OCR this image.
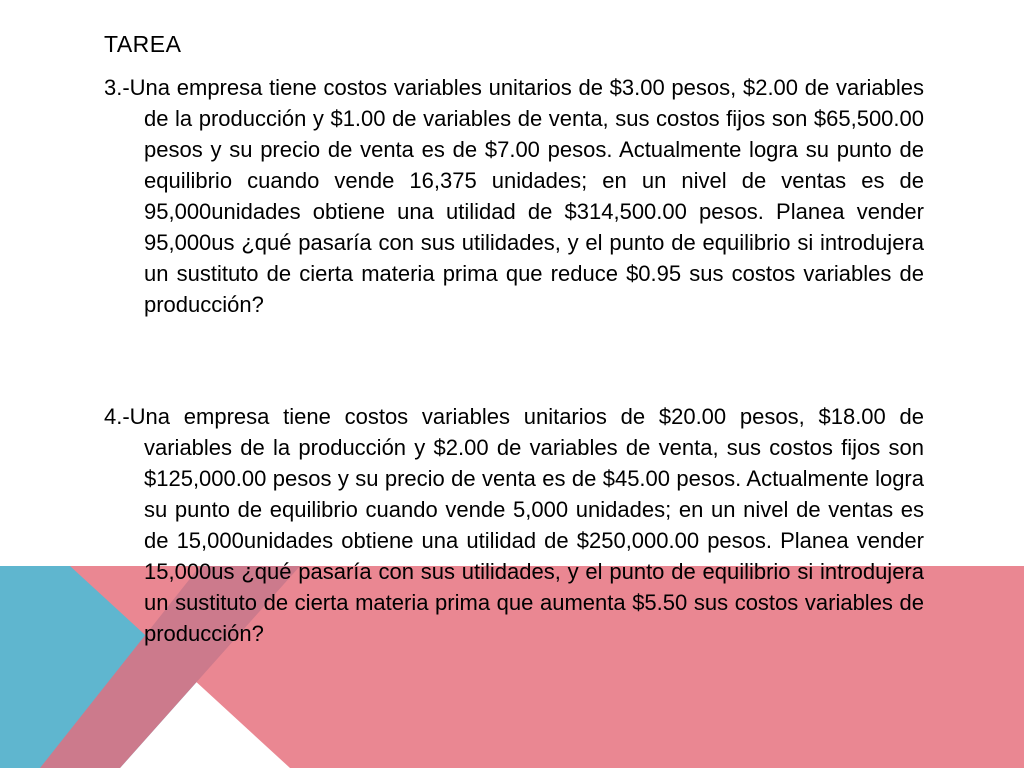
TAREA

3.-Una empresa tiene costos variables unitarios de $3.00 pesos, $2.00 de variables de la producción y $1.00 de variables de venta, sus costos fijos son $65,500.00 pesos y su precio de venta es de $7.00 pesos. Actualmente logra su punto de equilibrio cuando vende 16,375 unidades; en un nivel de ventas es de 95,000unidades obtiene una utilidad de $314,500.00 pesos. Planea vender 95,000us ¿qué pasaría con sus utilidades, y el punto de equilibrio si introdujera un sustituto de cierta materia prima que reduce $0.95 sus costos variables de producción?

4.-Una empresa tiene costos variables unitarios de $20.00 pesos, $18.00 de variables de la producción y $2.00 de variables de venta, sus costos fijos son $125,000.00 pesos y su precio de venta es de $45.00 pesos. Actualmente logra su punto de equilibrio cuando vende 5,000 unidades; en un nivel de ventas es de 15,000unidades obtiene una utilidad de $250,000.00 pesos. Planea vender 15,000us ¿qué pasaría con sus utilidades, y el punto de equilibrio si introdujera un sustituto de cierta materia prima que aumenta $5.50 sus costos variables de producción?
